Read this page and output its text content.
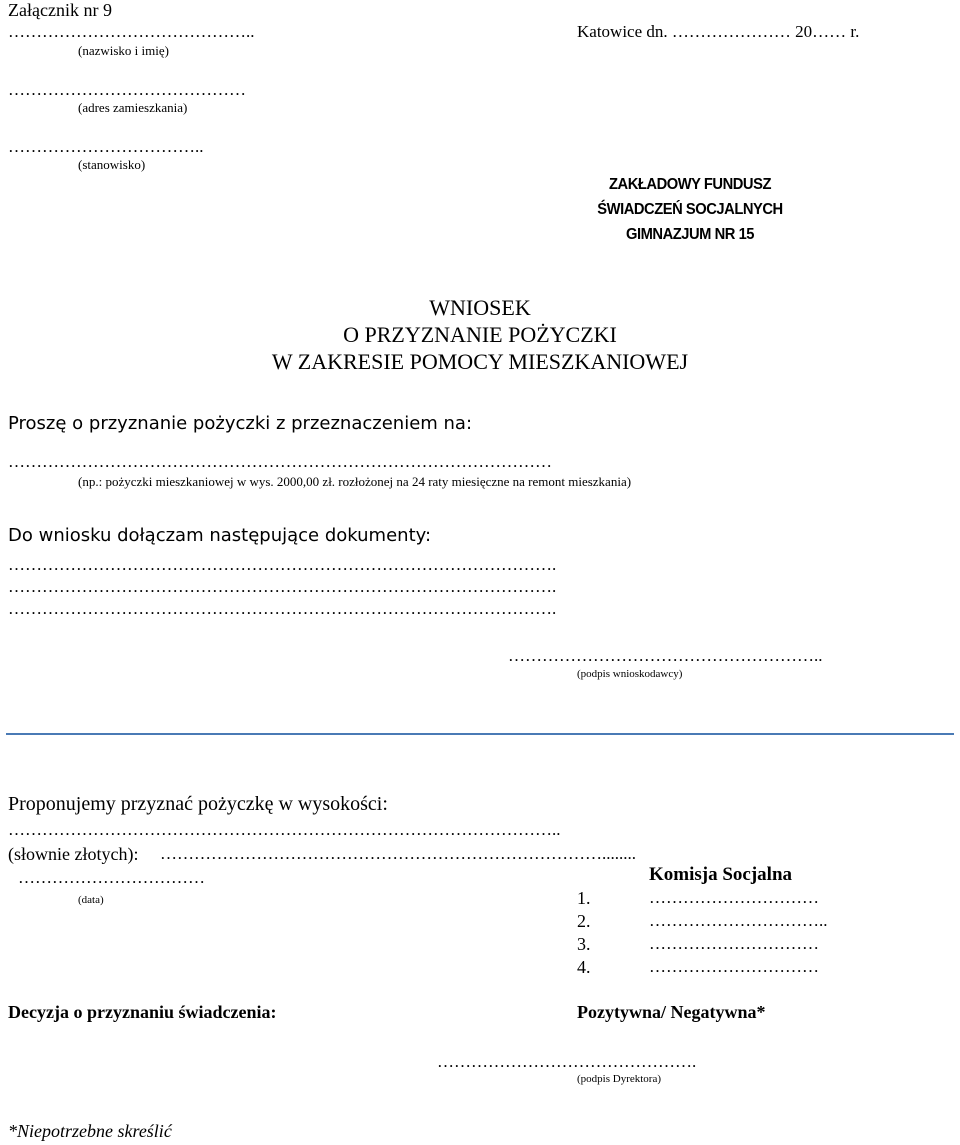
Załącznik nr 9
……………………………………..
(nazwisko i imię)
Katowice dn. ………………… 20…… r.
……………………………………
(adres zamieszkania)
……………………………..
(stanowisko)
ZAKŁADOWY FUNDUSZ
ŚWIADCZEŃ SOCJALNYCH
GIMNAZJUM NR 15
WNIOSEK
O PRZYZNANIE POŻYCZKI
W ZAKRESIE POMOCY MIESZKANIOWEJ
Proszę o przyznanie pożyczki z przeznaczeniem na:
……………………………………………………………………………………
(np.: pożyczki mieszkaniowej w wys. 2000,00 zł. rozłożonej na 24 raty miesięczne na remont mieszkania)
Do wniosku dołączam następujące dokumenty:
…………………………………………………………………………………….
…………………………………………………………………………………….
…………………………………………………………………………………….
………………………………………………..
(podpis wnioskodawcy)
Proponujemy przyznać pożyczkę w wysokości:
……………………………………………………………………………………..
(słownie złotych): ……………………………………………………………………........
……………………………
(data)
Komisja Socjalna
1.	…………………………
2.	…………………………..
3.	…………………………
4.	…………………………
Decyzja o przyznaniu świadczenia:	Pozytywna/ Negatywna*
……………………………………….
(podpis Dyrektora)
*Niepotrzebne skreślić
